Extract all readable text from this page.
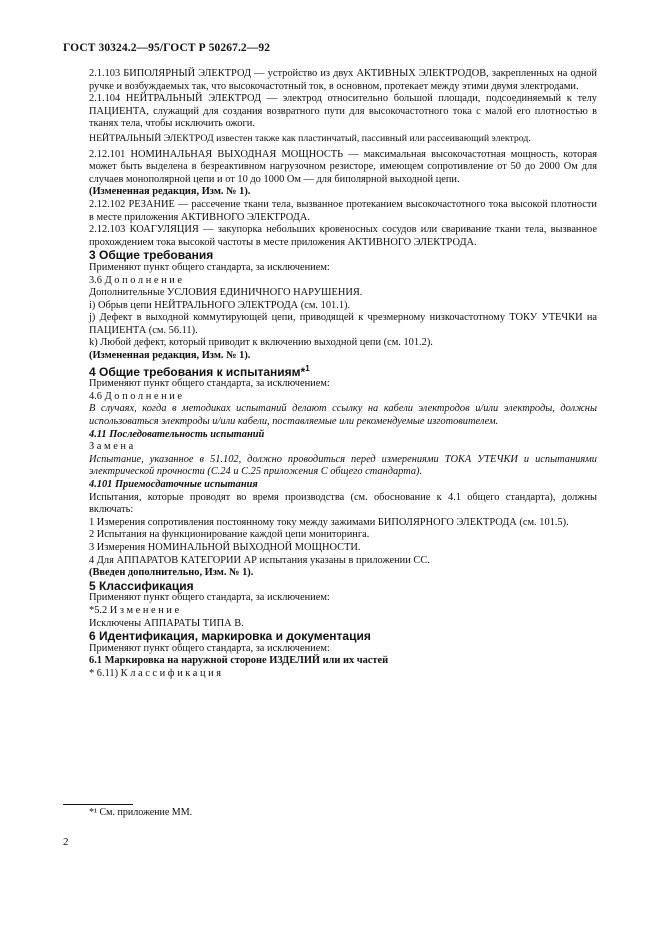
ГОСТ 30324.2—95/ГОСТ Р 50267.2—92

2.1.103 БИПОЛЯРНЫЙ ЭЛЕКТРОД — устройство из двух АКТИВНЫХ ЭЛЕКТРОДОВ, закрепленных на одной ручке и возбуждаемых так, что высокочастотный ток, в основном, протекает между этими двумя электродами.

2.1.104 НЕЙТРАЛЬНЫЙ ЭЛЕКТРОД — электрод относительно большой площади, подсоединяемый к телу ПАЦИЕНТА, служащий для создания возвратного пути для высокочастотного тока с малой его плотностью в тканях тела, чтобы исключить ожоги.

НЕЙТРАЛЬНЫЙ ЭЛЕКТРОД известен также как пластинчатый, пассивный или рассеивающий электрод.

2.12.101 НОМИНАЛЬНАЯ ВЫХОДНАЯ МОЩНОСТЬ — максимальная высокочастотная мощность, которая может быть выделена в безреактивном нагрузочном резисторе, имеющем сопротивление от 50 до 2000 Ом для случаев монополярной цепи и от 10 до 1000 Ом — для биполярной выходной цепи.

(Измененная редакция, Изм. № 1).

2.12.102 РЕЗАНИЕ — рассечение ткани тела, вызванное протеканием высокочастотного тока высокой плотности в месте приложения АКТИВНОГО ЭЛЕКТРОДА.

2.12.103 КОАГУЛЯЦИЯ — закупорка небольших кровеносных сосудов или сваривание ткани тела, вызванное прохождением тока высокой частоты в месте приложения АКТИВНОГО ЭЛЕКТРОДА.

3 Общие требования

Применяют пункт общего стандарта, за исключением:

3.6 Дополнение

Дополнительные УСЛОВИЯ ЕДИНИЧНОГО НАРУШЕНИЯ.

i) Обрыв цепи НЕЙТРАЛЬНОГО ЭЛЕКТРОДА (см. 101.1).

j) Дефект в выходной коммутирующей цепи, приводящей к чрезмерному низкочастотному ТОКУ УТЕЧКИ на ПАЦИЕНТА (см. 56.11).

k) Любой дефект, который приводит к включению выходной цепи (см. 101.2).

(Измененная редакция, Изм. № 1).

4 Общие требования к испытаниям*$^1$

Применяют пункт общего стандарта, за исключением:

4.6 Дополнение

В случаях, когда в методиках испытаний делают ссылку на кабели электродов и/или электроды, должны использоваться электроды и/или кабели, поставляемые или рекомендуемые изготовителем.

4.11 Последовательность испытаний

Замена

Испытание, указанное в 51.102, должно проводиться перед измерениями ТОКА УТЕЧКИ и испытаниями электрической прочности (С.24 и С.25 приложения С общего стандарта).

4.101 Приемосдаточные испытания

Испытания, которые проводят во время производства (см. обоснование к 4.1 общего стандарта), должны включать:

1 Измерения сопротивления постоянному току между зажимами БИПОЛЯРНОГО ЭЛЕКТРОДА (см. 101.5).

2 Испытания на функционирование каждой цепи мониторинга.

3 Измерения НОМИНАЛЬНОЙ ВЫХОДНОЙ МОЩНОСТИ.

4 Для АППАРАТОВ КАТЕГОРИИ АР испытания указаны в приложении СС.

(Введен дополнительно, Изм. № 1).

5 Классификация

Применяют пункт общего стандарта, за исключением:

*5.2 Изменение

Исключены АППАРАТЫ ТИПА В.

6 Идентификация, маркировка и документация

Применяют пункт общего стандарта, за исключением:

6.1 Маркировка на наружной стороне ИЗДЕЛИЙ или их частей

* 6.11) Классификация

*¹ См. приложение ММ.
2
